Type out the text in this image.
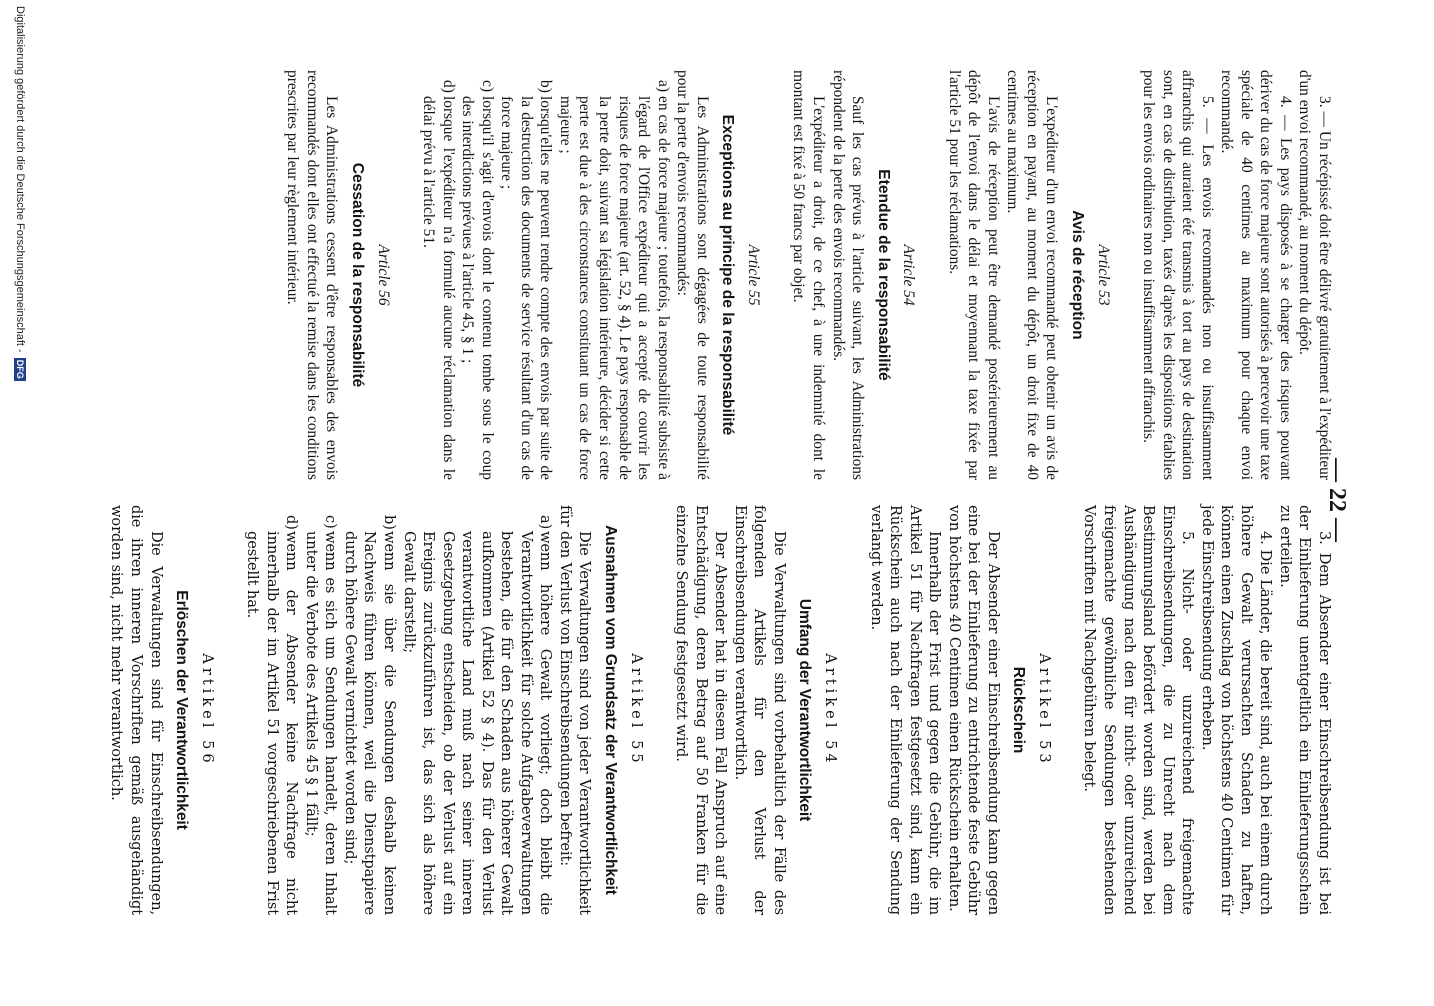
— 22 —

3. — Un récépissé doit être délivré gratuitement à l'expéditeur d'un envoi recommandé, au moment du dépôt.

4. — Les pays disposés à se charger des risques pouvant dériver du cas de force majeure sont autorisés à percevoir une taxe spéciale de 40 centimes au maximum pour chaque envoi recommandé.

5. — Les envois recommandés non ou insuffisamment affranchis qui auraient été transmis à tort au pays de destination sont, en cas de distribution, taxés d'après les dispositions établies pour les envois ordinaires non ou insuffisamment affranchis.

Article 53
Avis de réception

L'expéditeur d'un envoi recommandé peut obtenir un avis de réception en payant, au moment du dépôt, un droit fixe de 40 centimes au maximum.

L'avis de réception peut être demandé postérieurement au dépôt de l'envoi dans le délai et moyennant la taxe fixée par l'article 51 pour les réclamations.

Article 54
Etendue de la responsabilité

Sauf les cas prévus à l'article suivant, les Administrations répondent de la perte des envois recommandés.

L'expéditeur a droit, de ce chef, à une indemnité dont le montant est fixé à 50 francs par objet.

Article 55
Exceptions au principe de la responsabilité

Les Administrations sont dégagées de toute responsabilité pour la perte d'envois recommandés:

a)en cas de force majeure ; toutefois, la responsabilité subsiste à l'égard de l'Office expéditeur qui a accepté de couvrir les risques de force majeure (art. 52, § 4). Le pays responsable de la perte doit, suivant sa législation intérieure, décider si cette perte est due à des circonstances constituant un cas de force majeure ;

b)lorsqu'elles ne peuvent rendre compte des envois par suite de la destruction des documents de service résultant d'un cas de force majeure ;

c)lorsqu'il s'agit d'envois dont le contenu tombe sous le coup des interdictions prévues à l'article 45, § 1 ;

d)lorsque l'expéditeur n'a formulé aucune réclamation dans le délai prévu à l'article 51.

Article 56
Cessation de la responsabilité

Les Administrations cessent d'être responsables des envois recommandés dont elles ont effectué la remise dans les conditions prescrites par leur règlement intérieur.

3. Dem Absender einer Einschreibsendung ist bei der Einlieferung unentgeltlich ein Einlieferungsschein zu erteilen.

4. Die Länder, die bereit sind, auch bei einem durch höhere Gewalt verursachten Schaden zu haften, können einen Zuschlag von höchstens 40 Centimen für jede Einschreibsendung erheben.

5. Nicht- oder unzureichend freigemachte Einschreibsendungen, die zu Unrecht nach dem Bestimmungsland befördert worden sind, werden bei Aushändigung nach den für nicht- oder unzureichend freigemachte gewöhnliche Sendungen bestehenden Vorschriften mit Nachgebühren belegt.

Artikel 53
Rückschein

Der Absender einer Einschreibsendung kann gegen eine bei der Einlieferung zu entrichtende feste Gebühr von höchstens 40 Centimen einen Rückschein erhalten.

Innerhalb der Frist und gegen die Gebühr, die im Artikel 51 für Nachfragen festgesetzt sind, kann ein Rückschein auch nach der Einlieferung der Sendung verlangt werden.

Artikel 54
Umfang der Verantwortlichkeit

Die Verwaltungen sind vorbehaltlich der Fälle des folgenden Artikels für den Verlust der Einschreibsendungen verantwortlich.

Der Absender hat in diesem Fall Anspruch auf eine Entschädigung, deren Betrag auf 50 Franken für die einzelne Sendung festgesetzt wird.

Artikel 55
Ausnahmen vom Grundsatz der Verantwortlichkeit

Die Verwaltungen sind von jeder Verantwortlichkeit für den Verlust von Einschreibsendungen befreit:

a)wenn höhere Gewalt vorliegt; doch bleibt die Verantwortlichkeit für solche Aufgabeverwaltungen bestehen, die für den Schaden aus höherer Gewalt aufkommen (Artikel 52 § 4). Das für den Verlust verantwortliche Land muß nach seiner inneren Gesetzgebung entscheiden, ob der Verlust auf ein Ereignis zurückzuführen ist, das sich als höhere Gewalt darstellt;

b)wenn sie über die Sendungen deshalb keinen Nachweis führen können, weil die Dienstpapiere durch höhere Gewalt vernichtet worden sind;

c)wenn es sich um Sendungen handelt, deren Inhalt unter die Verbote des Artikels 45 § 1 fällt;

d)wenn der Absender keine Nachfrage nicht innerhalb der im Artikel 51 vorgeschriebenen Frist gestellt hat.

Artikel 56
Erlöschen der Verantwortlichkeit

Die Verwaltungen sind für Einschreibsendungen, die ihren inneren Vorschriften gemäß ausgehändigt worden sind, nicht mehr verantwortlich.

Digitalisierung gefördert durch die Deutsche Forschungsgemeinschaft - DFG
